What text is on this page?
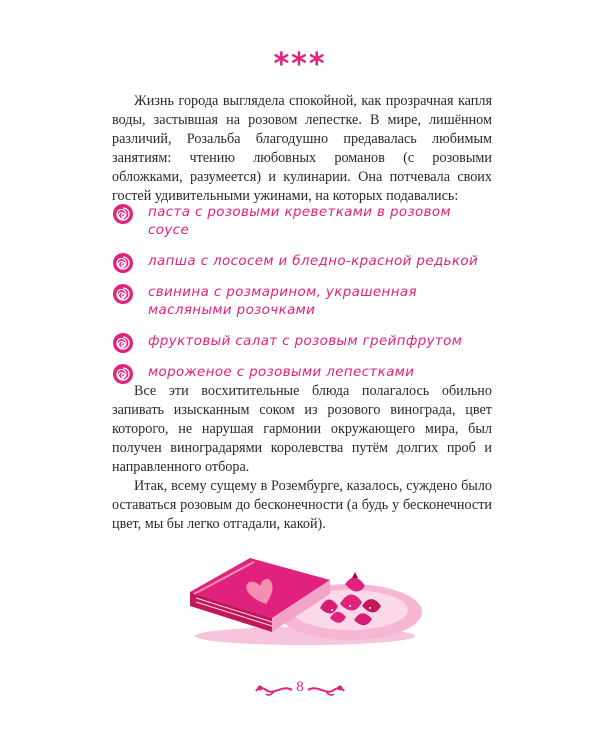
***

Жизнь города выглядела спокойной, как прозрачная капля воды, застывшая на розовом лепестке. В мире, лишённом различий, Розальба благодушно предавалась любимым занятиям: чтению любовных романов (с розовыми обложками, разумеется) и кулинарии. Она потчевала своих гостей удивительными ужинами, на которых подавались:

паста с розовыми креветками в розовом соусе
лапша с лососем и бледно-красной редькой
свинина с розмарином, украшенная масляными розочками
фруктовый салат с розовым грейпфрутом
мороженое с розовыми лепестками

Все эти восхитительные блюда полагалось обильно запивать изысканным соком из розового винограда, цвет которого, не нарушая гармонии окружающего мира, был получен виноградарями королевства путём долгих проб и направленного отбора.

Итак, всему сущему в Розембурге, казалось, суждено было оставаться розовым до бесконечности (а будь у бесконечности цвет, мы бы легко отгадали, какой).

8
